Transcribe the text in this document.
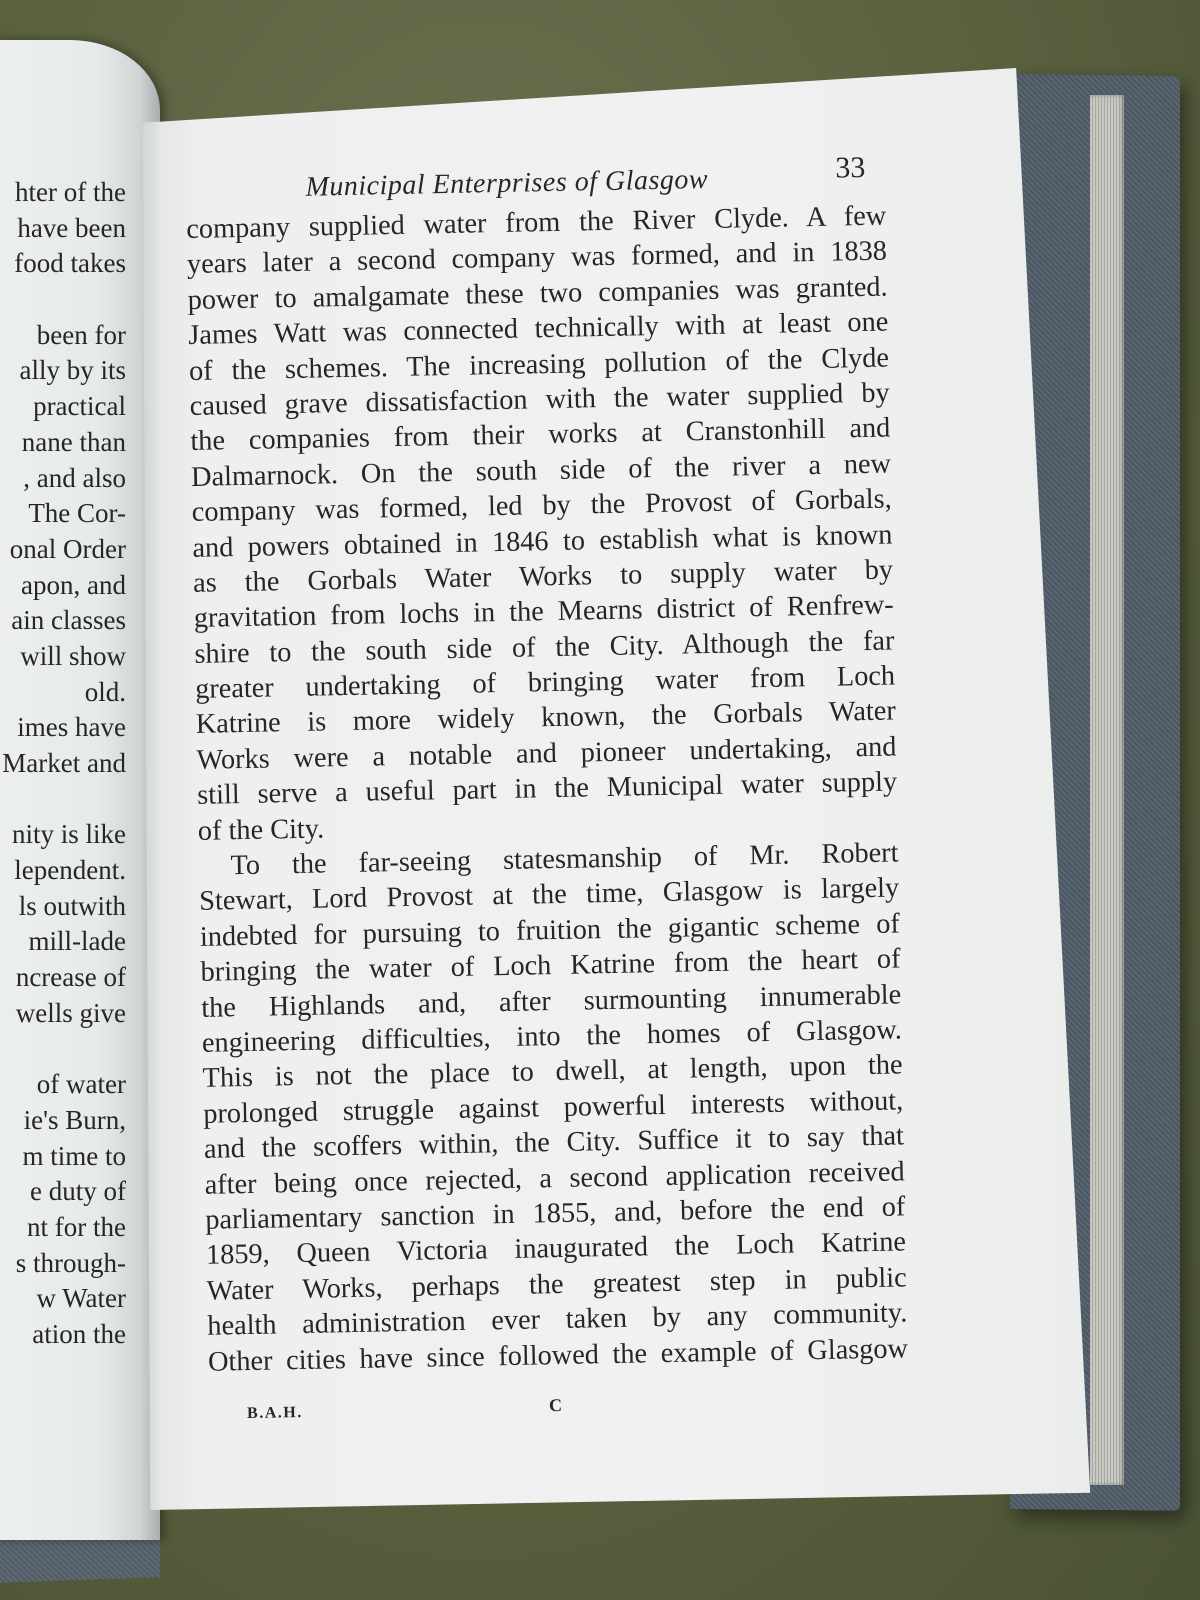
hter of the
have been
food takes
been for
ally by its
practical
nane than
, and also
The Cor-
onal Order
apon, and
ain classes
will show
old.
imes have
Market and
nity is like
lependent.
ls outwith
mill-lade
ncrease of
wells give
of water
ie's Burn,
m time to
e duty of
nt for the
s through-
w Water
ation the
Municipal Enterprises of Glasgow	33
company supplied water from the River Clyde. A few
years later a second company was formed, and in 1838
power to amalgamate these two companies was granted.
James Watt was connected technically with at least one
of the schemes. The increasing pollution of the Clyde
caused grave dissatisfaction with the water supplied by
the companies from their works at Cranstonhill and
Dalmarnock. On the south side of the river a new
company was formed, led by the Provost of Gorbals,
and powers obtained in 1846 to establish what is known
as the Gorbals Water Works to supply water by
gravitation from lochs in the Mearns district of Renfrew-
shire to the south side of the City. Although the far
greater undertaking of bringing water from Loch
Katrine is more widely known, the Gorbals Water
Works were a notable and pioneer undertaking, and
still serve a useful part in the Municipal water supply
of the City.
To the far-seeing statesmanship of Mr. Robert
Stewart, Lord Provost at the time, Glasgow is largely
indebted for pursuing to fruition the gigantic scheme of
bringing the water of Loch Katrine from the heart of
the Highlands and, after surmounting innumerable
engineering difficulties, into the homes of Glasgow.
This is not the place to dwell, at length, upon the
prolonged struggle against powerful interests without,
and the scoffers within, the City. Suffice it to say that
after being once rejected, a second application received
parliamentary sanction in 1855, and, before the end of
1859, Queen Victoria inaugurated the Loch Katrine
Water Works, perhaps the greatest step in public
health administration ever taken by any community.
Other cities have since followed the example of Glasgow
B.A.H.	C
